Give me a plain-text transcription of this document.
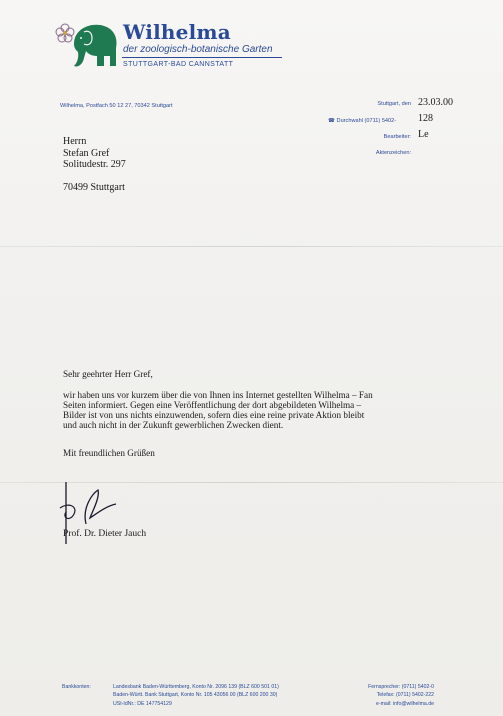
Wilhelma
der zoologisch-botanische Garten
STUTTGART-BAD CANNSTATT
Wilhelma, Postfach 50 12 27, 70342 Stuttgart	Stuttgart, den 23.03.00
☎ Durchwahl (0711) 5402- 128
Bearbeiter: Le
Aktenzeichen:
Herrn
Stefan Gref
Solitudestr. 297
70499 Stuttgart
Sehr geehrter Herr Gref,
wir haben uns vor kurzem über die von Ihnen ins Internet gestellten Wilhelma – Fan
Seiten informiert. Gegen eine Veröffentlichung der dort abgebildeten Wilhelma –
Bilder ist von uns nichts einzuwenden, sofern dies eine reine private Aktion bleibt
und auch nicht in der Zukunft gewerblichen Zwecken dient.
Mit freundlichen Grüßen
Prof. Dr. Dieter Jauch
Bankkonten:	Landesbank Baden-Württemberg, Konto Nr. 2096 139 (BLZ 600 501 01)
Baden-Württ. Bank Stuttgart, Konto Nr. 105 43056 00 (BLZ 600 200 30)
USt-IdNr.: DE 147754129
Fernsprecher: (0711) 5402-0
Telefax: (0711) 5402-222
e-mail: info@wilhelma.de
